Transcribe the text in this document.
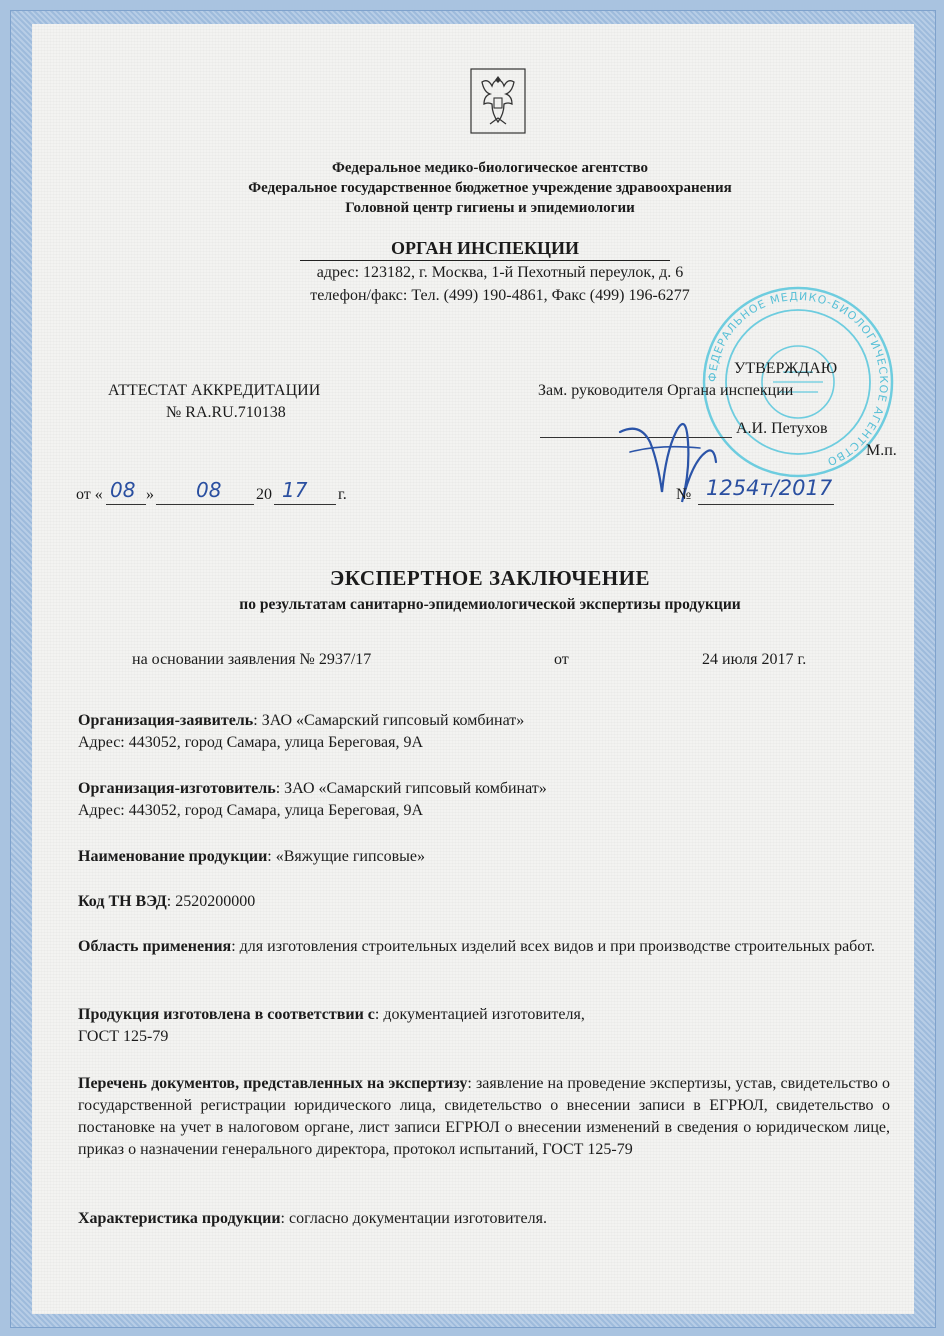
Федеральное медико-биологическое агентство
Федеральное государственное бюджетное учреждение здравоохранения
Головной центр гигиены и эпидемиологии
ОРГАН ИНСПЕКЦИИ
адрес: 123182, г. Москва, 1-й Пехотный переулок, д. 6
телефон/факс: Тел. (499) 190-4861, Факс (499) 196-6277
ФЕДЕРАЛЬНОЕ МЕДИКО-БИОЛОГИЧЕСКОЕ АГЕНТСТВО
АТТЕСТАТ АККРЕДИТАЦИИ
№ RA.RU.710138
УТВЕРЖДАЮ
Зам. руководителя Органа инспекции
А.И. Петухов
М.п.
от « 08 » 08 20 17 г.	№ 1254т/2017
ЭКСПЕРТНОЕ ЗАКЛЮЧЕНИЕ
по результатам санитарно-эпидемиологической экспертизы продукции
на основании заявления № 2937/17	от	24 июля 2017 г.
Организация-заявитель: ЗАО «Самарский гипсовый комбинат»
Адрес: 443052, город Самара, улица Береговая, 9А
Организация-изготовитель: ЗАО «Самарский гипсовый комбинат»
Адрес: 443052, город Самара, улица Береговая, 9А
Наименование продукции: «Вяжущие гипсовые»
Код ТН ВЭД: 2520200000
Область применения: для изготовления строительных изделий всех видов и при производстве строительных работ.
Продукция изготовлена в соответствии с: документацией изготовителя,
ГОСТ 125-79
Перечень документов, представленных на экспертизу: заявление на проведение экспертизы, устав, свидетельство о государственной регистрации юридического лица, свидетельство о внесении записи в ЕГРЮЛ, свидетельство о постановке на учет в налоговом органе, лист записи ЕГРЮЛ о внесении изменений в сведения о юридическом лице, приказ о назначении генерального директора, протокол испытаний, ГОСТ 125-79
Характеристика продукции: согласно документации изготовителя.
